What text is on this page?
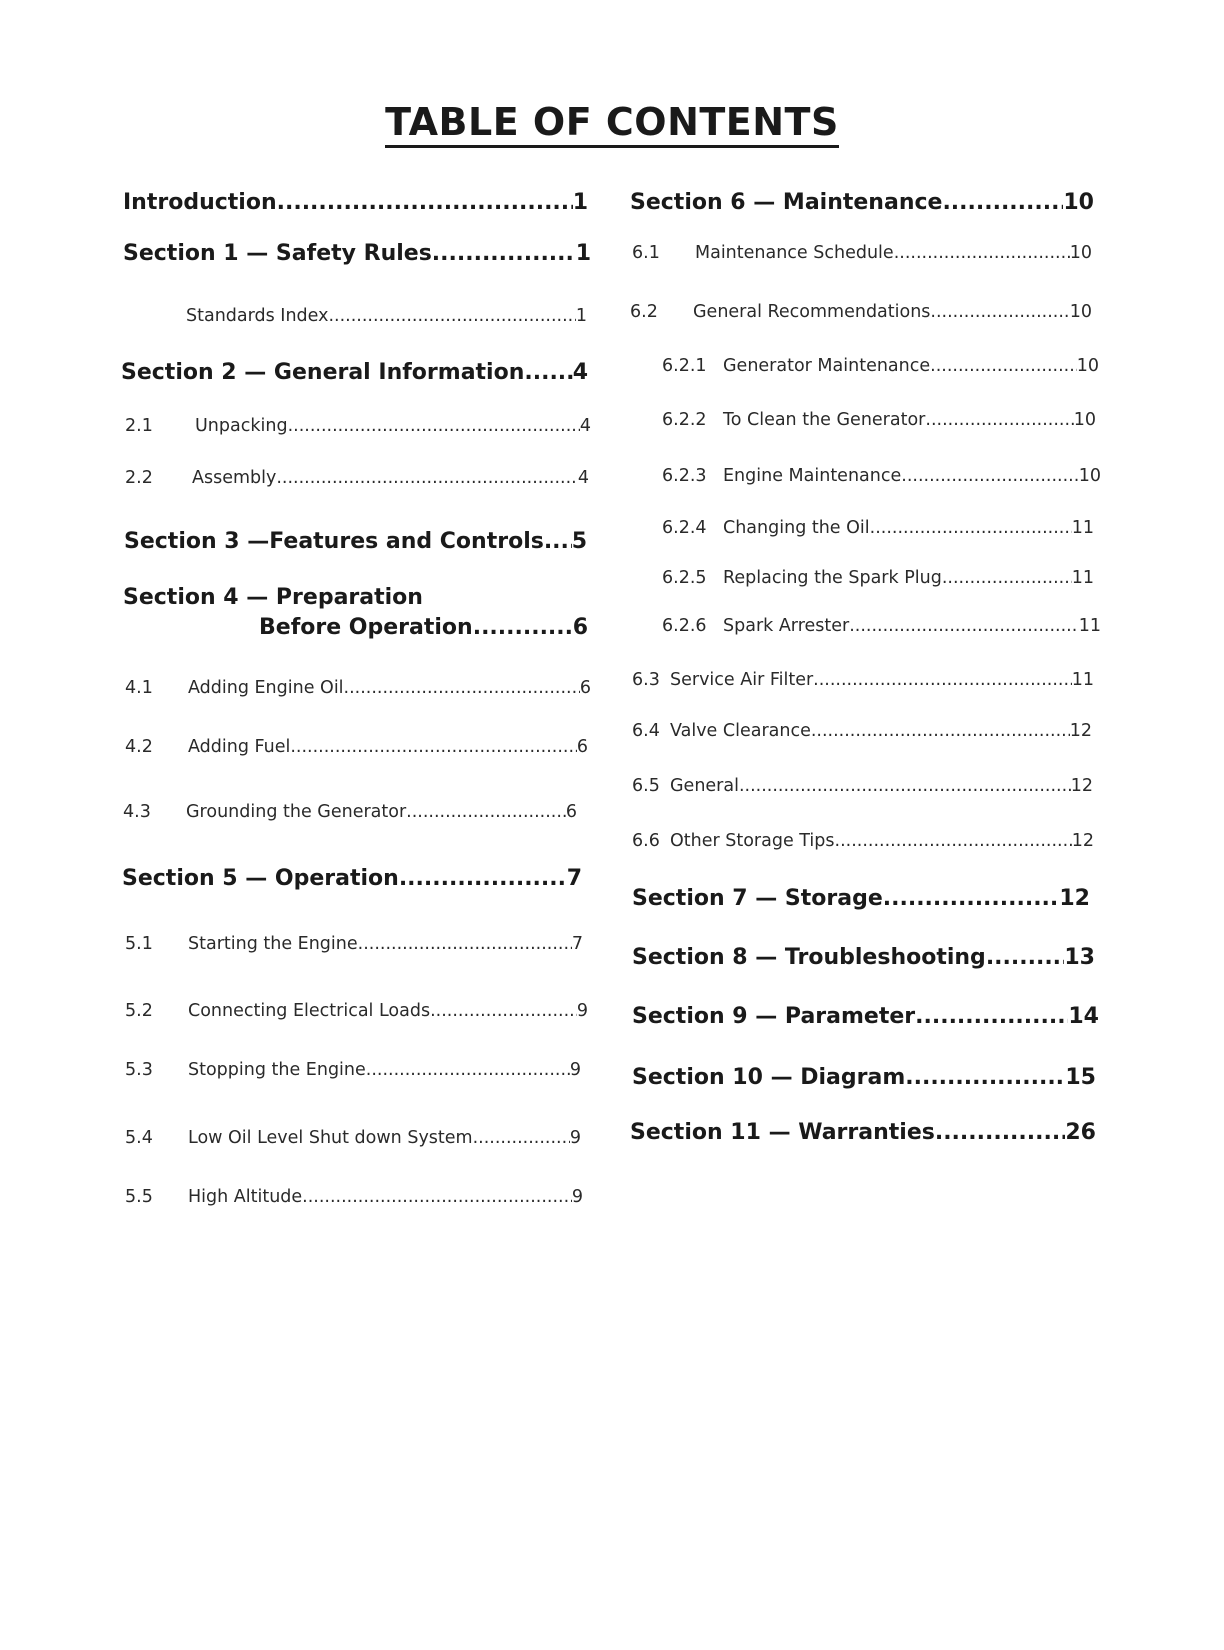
TABLE OF CONTENTS
Introduction .....	1
Section 1 — Safety Rules .....	1
Standards Index .....	1
Section 2 — General Information ..... 4
2.1	Unpacking .....	4
2.2	Assembly .....	4
Section 3 —Features and Controls ..... 5
Section 4 — Preparation
Before Operation .....	6
4.1	Adding Engine Oil .....	6
4.2	Adding Fuel .....	6
4.3	Grounding the Generator .....	6
Section 5 — Operation .....	7
5.1	Starting the Engine .....	7
5.2	Connecting Electrical Loads .....	9
5.3	Stopping the Engine .....	9
5.4	Low Oil Level Shut down System .....	9
5.5	High Altitude .....	9
Section 6 — Maintenance .....	10
6.1	Maintenance Schedule .....	10
6.2	General Recommendations .....	10
6.2.1 Generator Maintenance .....	10
6.2.2 To Clean the Generator .....	10
6.2.3 Engine Maintenance .....	10
6.2.4 Changing the Oil .....	11
6.2.5 Replacing the Spark Plug .....	11
6.2.6 Spark Arrester .....	11
6.3 Service Air Filter .....	11
6.4 Valve Clearance .....	12
6.5 General .....	12
6.6 Other Storage Tips .....	12
Section 7 — Storage .....	12
Section 8 — Troubleshooting .....	13
Section 9 — Parameter .....	14
Section 10 — Diagram .....	15
Section 11 — Warranties .....	26
